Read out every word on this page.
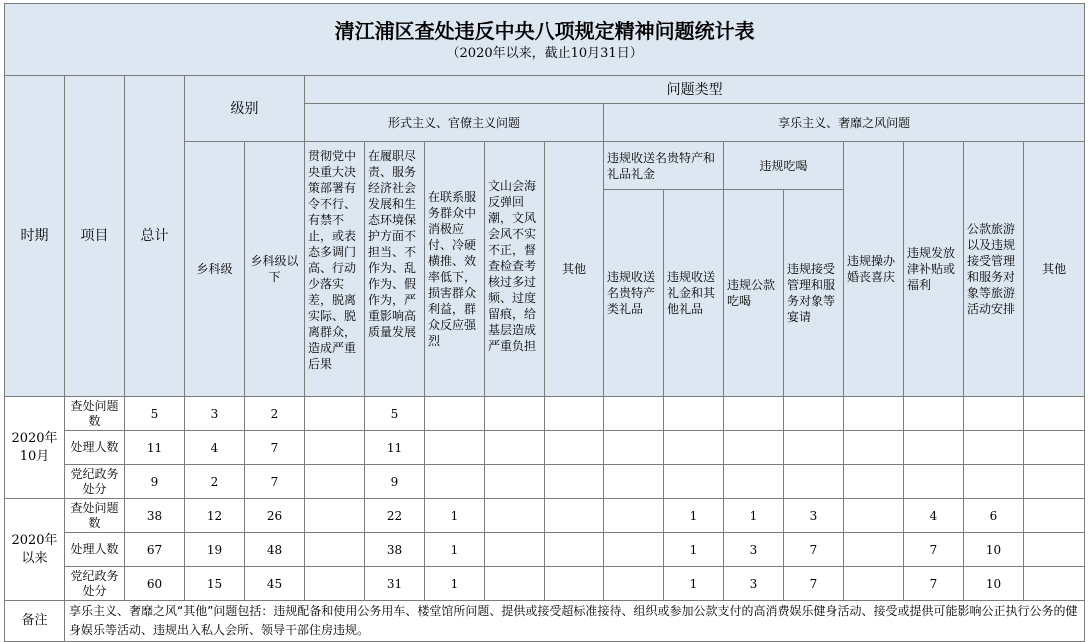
清江浦区查处违反中央八项规定精神问题统计表
（2020年以来，截止10月31日）																	

时期	项目	总计	级别		问题类型												
					形式主义、官僚主义问题					享乐主义、奢靡之风问题							
			乡科级	乡科级以下	贯彻党中央重大决策部署有令不行、有禁不止，或表态多调门高、行动少落实差，脱离实际、脱离群众，造成严重后果	在履职尽责、服务经济社会发展和生态环境保护方面不担当、不作为、乱作为、假作为，严重影响高质量发展	在联系服务群众中消极应付、冷硬横推、效率低下，损害群众利益，群众反应强烈	文山会海反弹回潮，文风会风不实不正，督查检查考核过多过频、过度留痕，给基层造成严重负担	其他	违规收送名贵特产和礼品礼金		违规吃喝		违规操办婚丧喜庆	违规发放津补贴或福利	公款旅游以及违规接受管理和服务对象等旅游活动安排	其他
										违规收送名贵特产类礼品	违规收送礼金和其他礼品	违规公款吃喝	违规接受管理和服务对象等宴请				
2020年10月	查处问题数	5	3	2		5											
	处理人数	11	4	7		11											
	党纪政务处分	9	2	7		9											
2020年以来	查处问题数	38	12	26		22	1				1	1	3		4	6	
	处理人数	67	19	48		38	1				1	3	7		7	10	
	党纪政务处分	60	15	45		31	1				1	3	7		7	10	
备注	享乐主义、奢靡之风“其他”问题包括：违规配备和使用公务用车、楼堂馆所问题、提供或接受超标准接待、组织或参加公款支付的高消费娱乐健身活动、接受或提供可能影响公正执行公务的健身娱乐等活动、违规出入私人会所、领导干部住房违规。																
